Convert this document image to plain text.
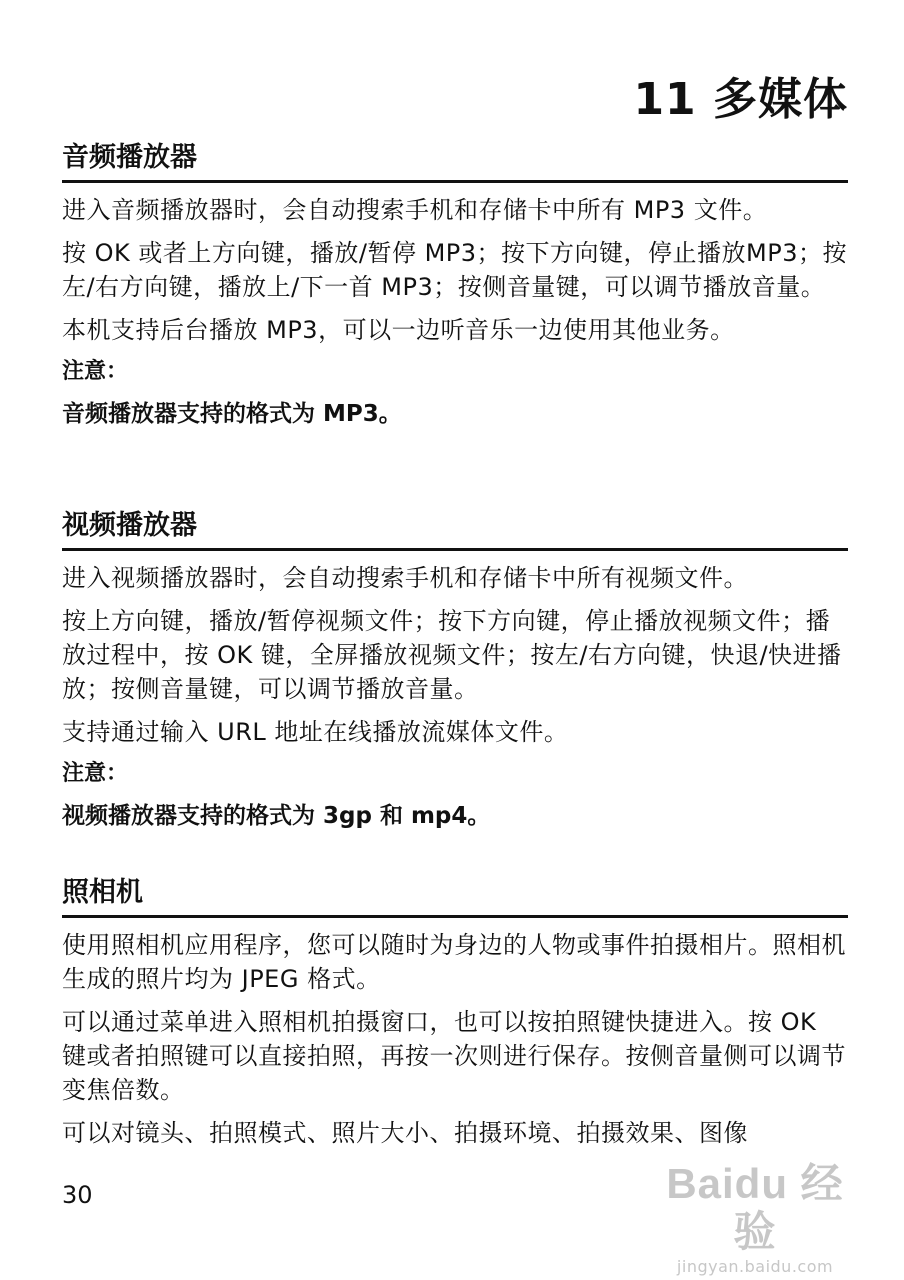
11 多媒体
音频播放器

进入音频播放器时，会自动搜索手机和存储卡中所有 MP3 文件。

按 OK 或者上方向键，播放/暂停 MP3；按下方向键，停止播放MP3；按左/右方向键，播放上/下一首 MP3；按侧音量键，可以调节播放音量。

本机支持后台播放 MP3，可以一边听音乐一边使用其他业务。

注意：
音频播放器支持的格式为 MP3。
视频播放器

进入视频播放器时，会自动搜索手机和存储卡中所有视频文件。

按上方向键，播放/暂停视频文件；按下方向键，停止播放视频文件；播放过程中，按 OK 键，全屏播放视频文件；按左/右方向键，快退/快进播放；按侧音量键，可以调节播放音量。

支持通过输入 URL 地址在线播放流媒体文件。

注意：
视频播放器支持的格式为 3gp 和 mp4。
照相机

使用照相机应用程序，您可以随时为身边的人物或事件拍摄相片。照相机生成的照片均为 JPEG 格式。

可以通过菜单进入照相机拍摄窗口，也可以按拍照键快捷进入。按 OK 键或者拍照键可以直接拍照，再按一次则进行保存。按侧音量侧可以调节变焦倍数。

可以对镜头、拍照模式、照片大小、拍摄环境、拍摄效果、图像

30	Baidu 经验
jingyan.baidu.com
